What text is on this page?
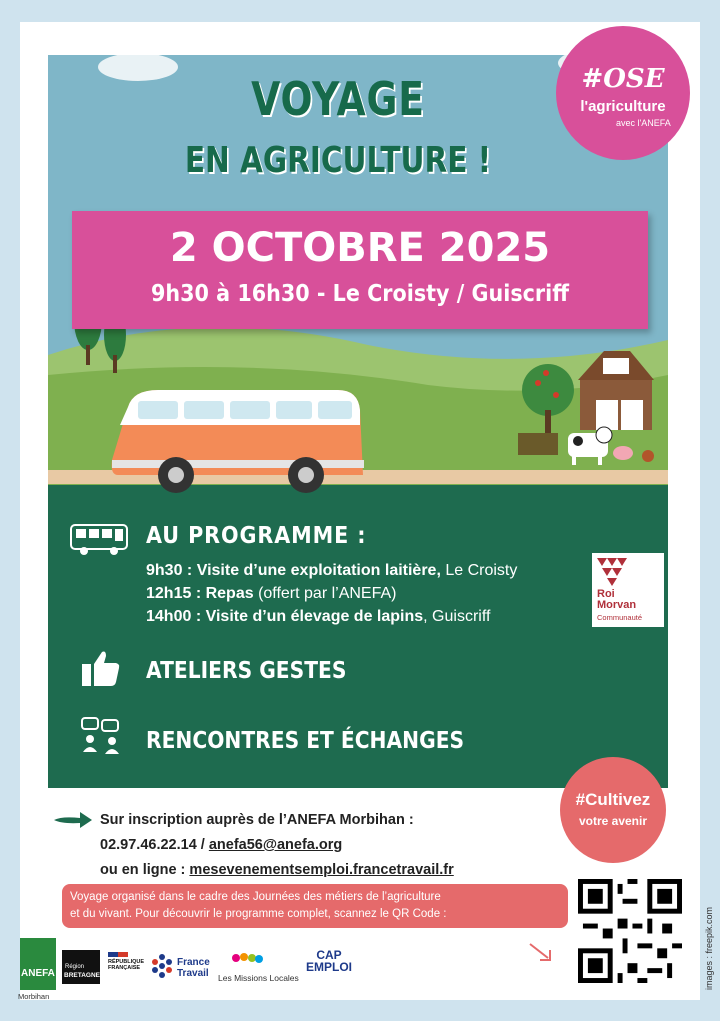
VOYAGE
EN AGRICULTURE !
2 OCTOBRE 2025
9h30 à 16h30 - Le Croisty / Guiscriff
#OSE
l'agriculture
avec l'ANEFA
AU PROGRAMME :
9h30 : Visite d’une exploitation laitière, Le Croisty
12h15 : Repas (offert par l’ANEFA)
14h00 : Visite d’un élevage de lapins, Guiscriff
ATELIERS GESTES
RENCONTRES ET ÉCHANGES
Roi
Morvan
Communauté
#Cultivez
votre avenir
Sur inscription auprès de l’ANEFA Morbihan :
02.97.46.22.14 / anefa56@anefa.org
ou en ligne : mesevenementsemploi.francetravail.fr
Voyage organisé dans le cadre des Journées des métiers de l’agriculture
et du vivant. Pour découvrir le programme complet, scannez le QR Code :	images : freepik.com
ANEFA
Morbihan
Région
BRETAGNE
RÉPUBLIQUE FRANÇAISE	France
Travail Les Missions Locales
CAP
EMPLOI
